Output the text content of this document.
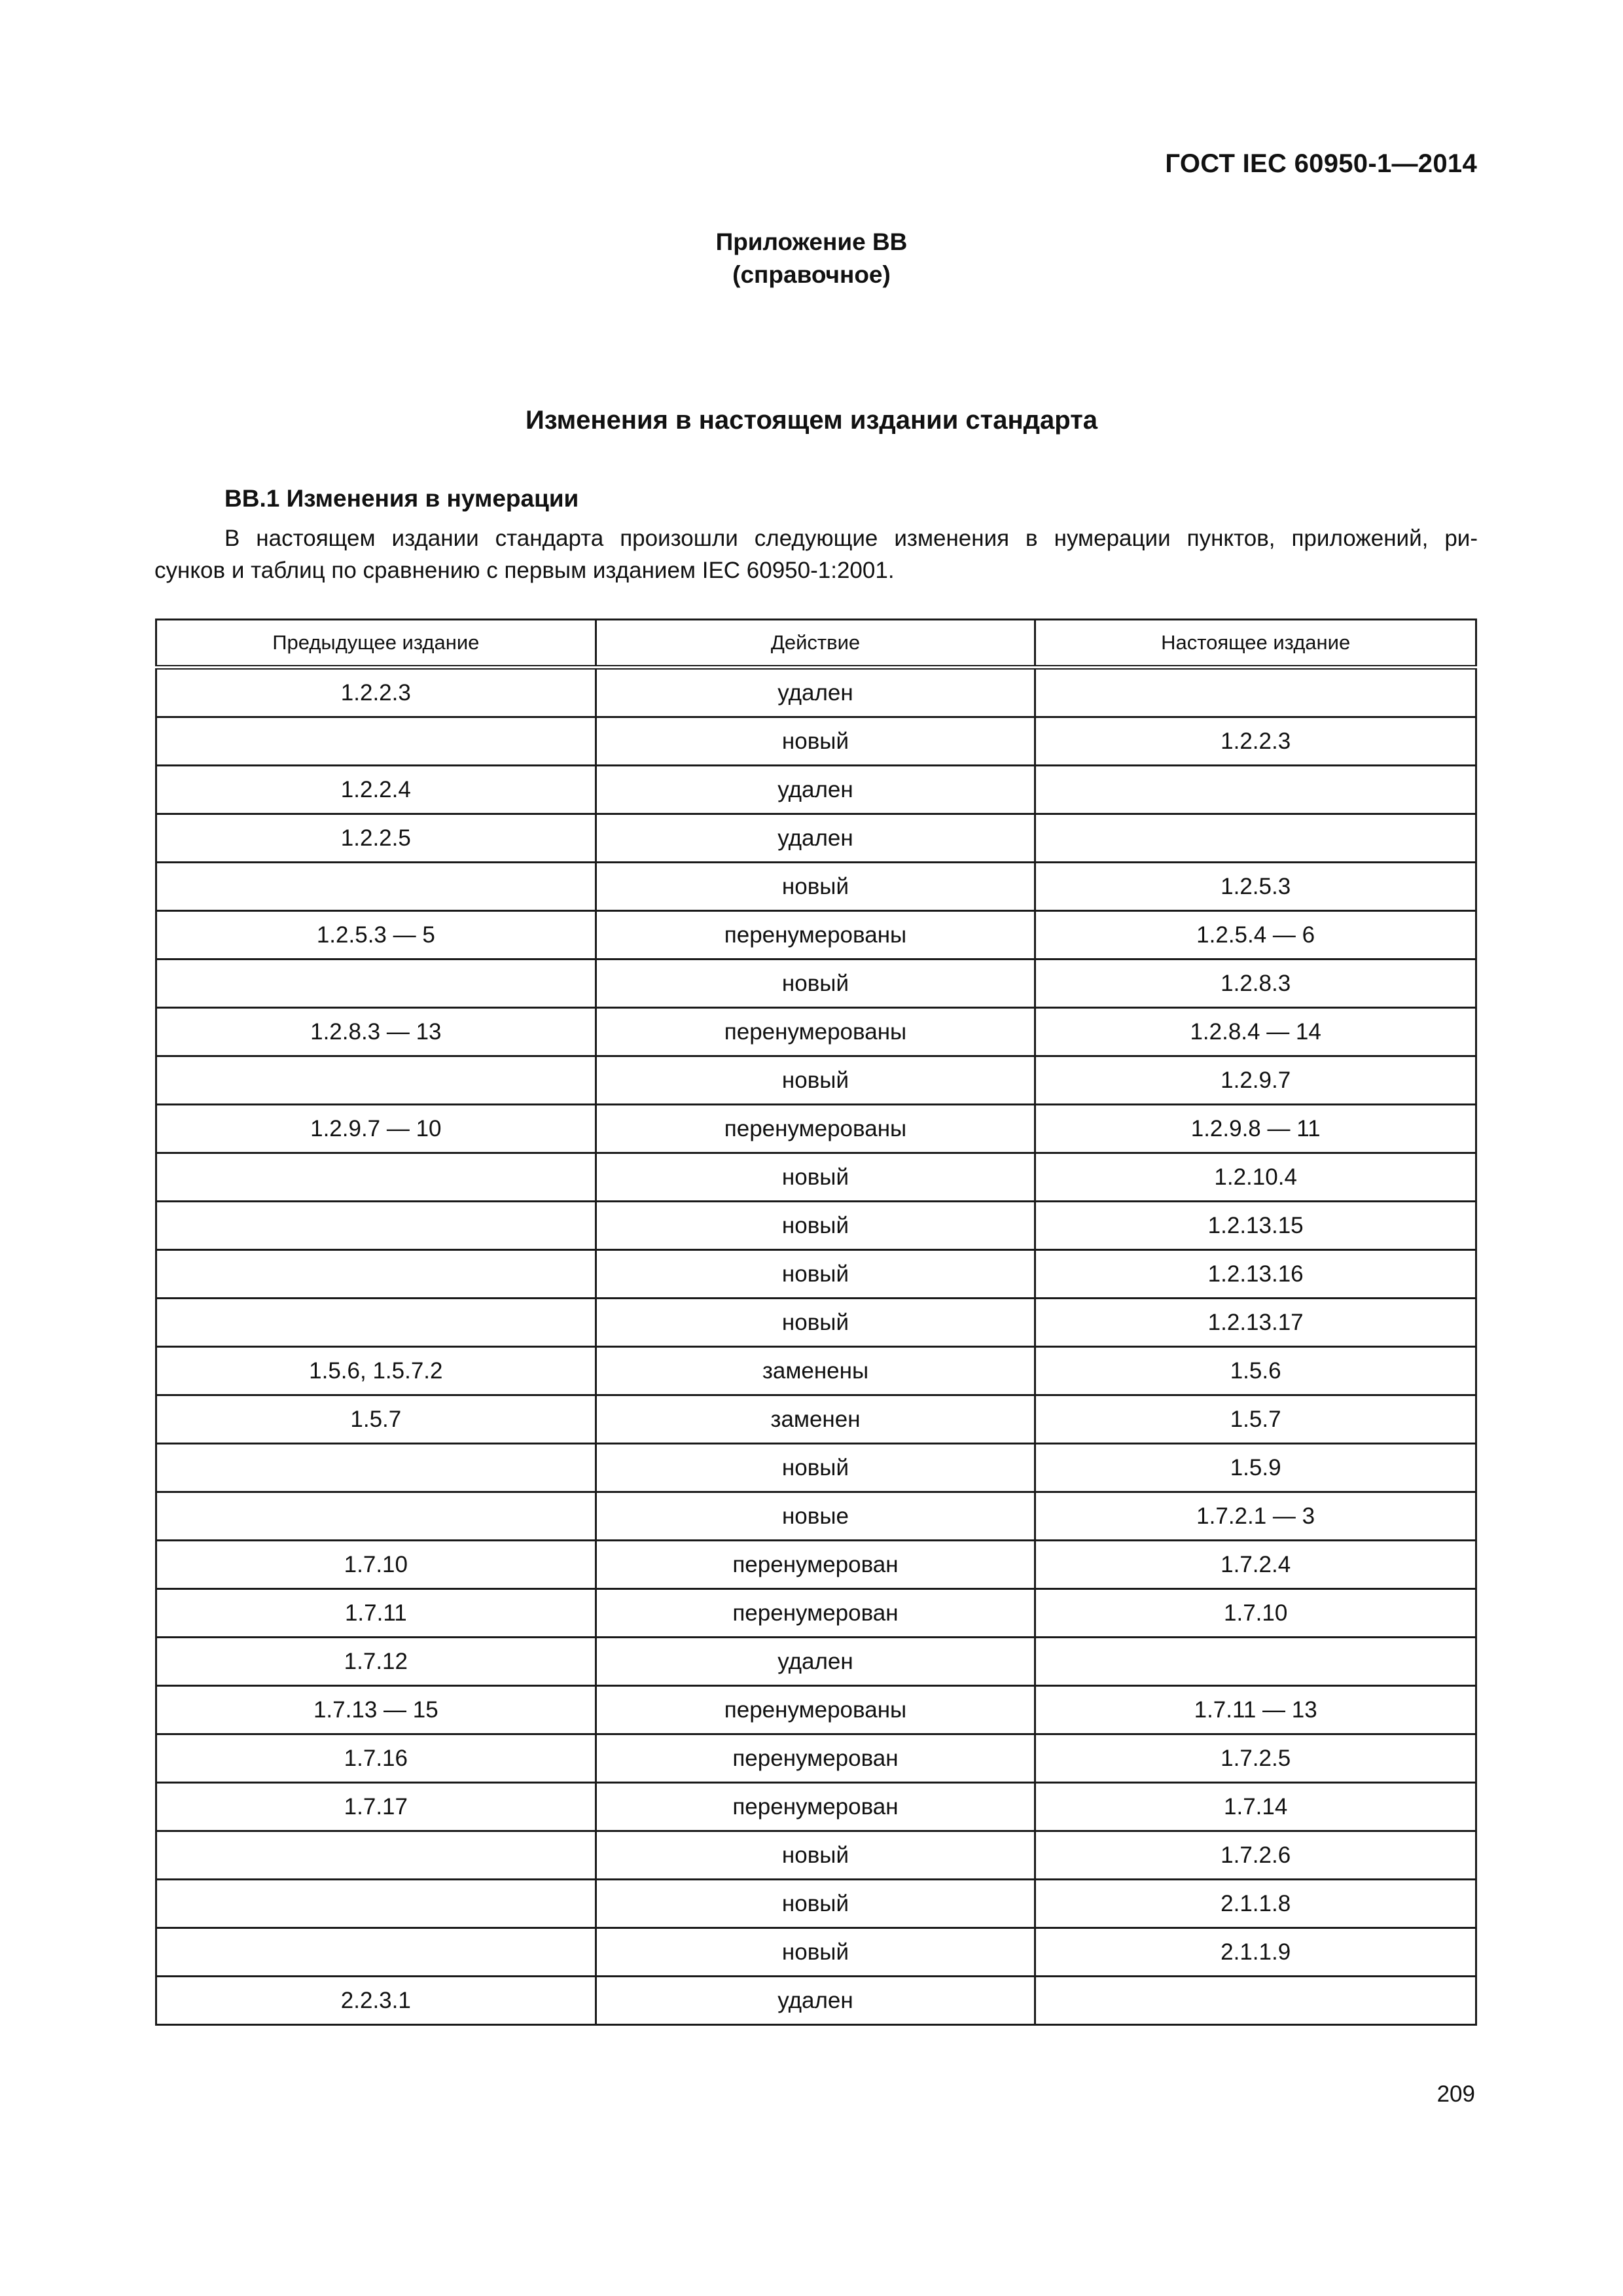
ГОСТ IEC 60950-1—2014
Приложение ВВ
(справочное)
Изменения в настоящем издании стандарта
ВВ.1 Изменения в нумерации
В настоящем издании стандарта произошли следующие изменения в нумерации пунктов, приложений, ри-
сунков и таблиц по сравнению с первым изданием IEC 60950-1:2001.
Предыдущее издание	Действие	Настоящее издание
1.2.2.3	удален	
	новый	1.2.2.3
1.2.2.4	удален	
1.2.2.5	удален	
	новый	1.2.5.3
1.2.5.3 — 5	перенумерованы	1.2.5.4 — 6
	новый	1.2.8.3
1.2.8.3 — 13	перенумерованы	1.2.8.4 — 14
	новый	1.2.9.7
1.2.9.7 — 10	перенумерованы	1.2.9.8 — 11
	новый	1.2.10.4
	новый	1.2.13.15
	новый	1.2.13.16
	новый	1.2.13.17
1.5.6, 1.5.7.2	заменены	1.5.6
1.5.7	заменен	1.5.7
	новый	1.5.9
	новые	1.7.2.1 — 3
1.7.10	перенумерован	1.7.2.4
1.7.11	перенумерован	1.7.10
1.7.12	удален	
1.7.13 — 15	перенумерованы	1.7.11 — 13
1.7.16	перенумерован	1.7.2.5
1.7.17	перенумерован	1.7.14
	новый	1.7.2.6
	новый	2.1.1.8
	новый	2.1.1.9
2.2.3.1	удален	
209
